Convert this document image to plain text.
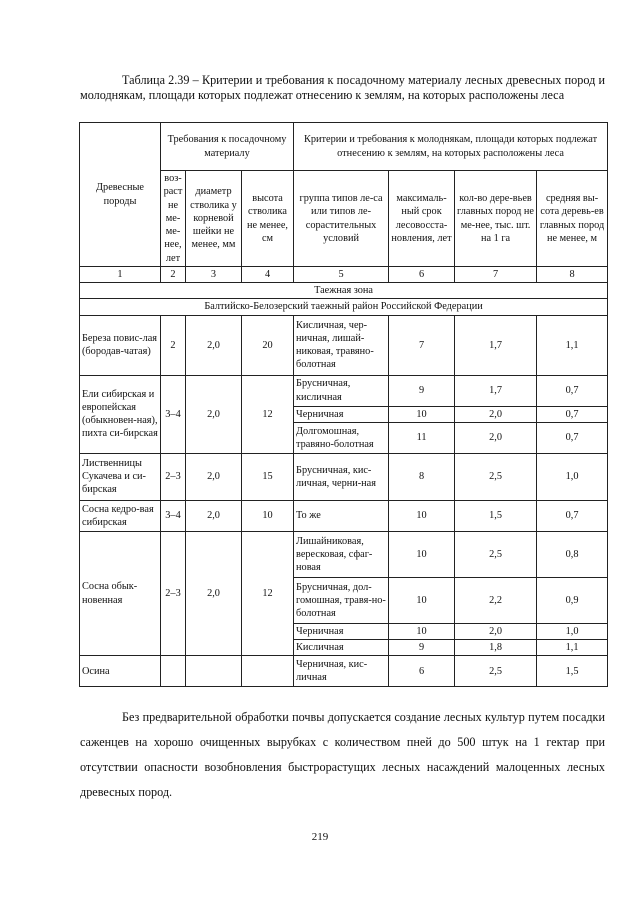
Таблица 2.39 – Критерии и требования к посадочному материалу лесных древесных пород и молоднякам, площади которых подлежат отнесению к землям, на которых расположены леса
Древесные породы	Требования к посадочному материалу			Критерии и требования к молоднякам, площади которых подлежат отнесению к землям, на которых расположены леса			
	воз-раст не ме-ме-нее, лет	диаметр стволика у корневой шейки не менее, мм	высота стволика не менее, см	группа типов ле-са или типов ле-сорастительных условий	максималь-ный срок лесовосста-новления, лет	кол-во дере-вьев главных пород не ме-нее, тыс. шт. на 1 га	средняя вы-сота деревь-ев главных пород не менее, м
1	2	3	4	5	6	7	8
Таежная зона							
Балтийско-Белозерский таежный район Российской Федерации							
Береза повис-лая (бородав-чатая)	2	2,0	20	Кисличная, чер-ничная, лишай-никовая, травяно-болотная	7	1,7	1,1
Ели сибирская и европейская (обыкновен-ная), пихта си-бирская	3–4	2,0	12	Брусничная, кисличная	9	1,7	0,7
				Черничная	10	2,0	0,7
				Долгомошная, травяно-болотная	11	2,0	0,7
Лиственницы Сукачева и си-бирская	2–3	2,0	15	Брусничная, кис-личная, черни-ная	8	2,5	1,0
Сосна кедро-вая сибирская	3–4	2,0	10	То же	10	1,5	0,7
Сосна обык-новенная	2–3	2,0	12	Лишайниковая, вересковая, сфаг-новая	10	2,5	0,8
				Брусничная, дол-гомошная, травя-но-болотная	10	2,2	0,9
				Черничная	10	2,0	1,0
				Кисличная	9	1,8	1,1
Осина				Черничная, кис-личная	6	2,5	1,5
Без предварительной обработки почвы допускается создание лесных культур путем посадки саженцев на хорошо очищенных вырубках с количеством пней до 500 штук на 1 гектар при отсутствии опасности возобновления быстрорастущих лесных насаждений малоценных лесных древесных пород.
219
